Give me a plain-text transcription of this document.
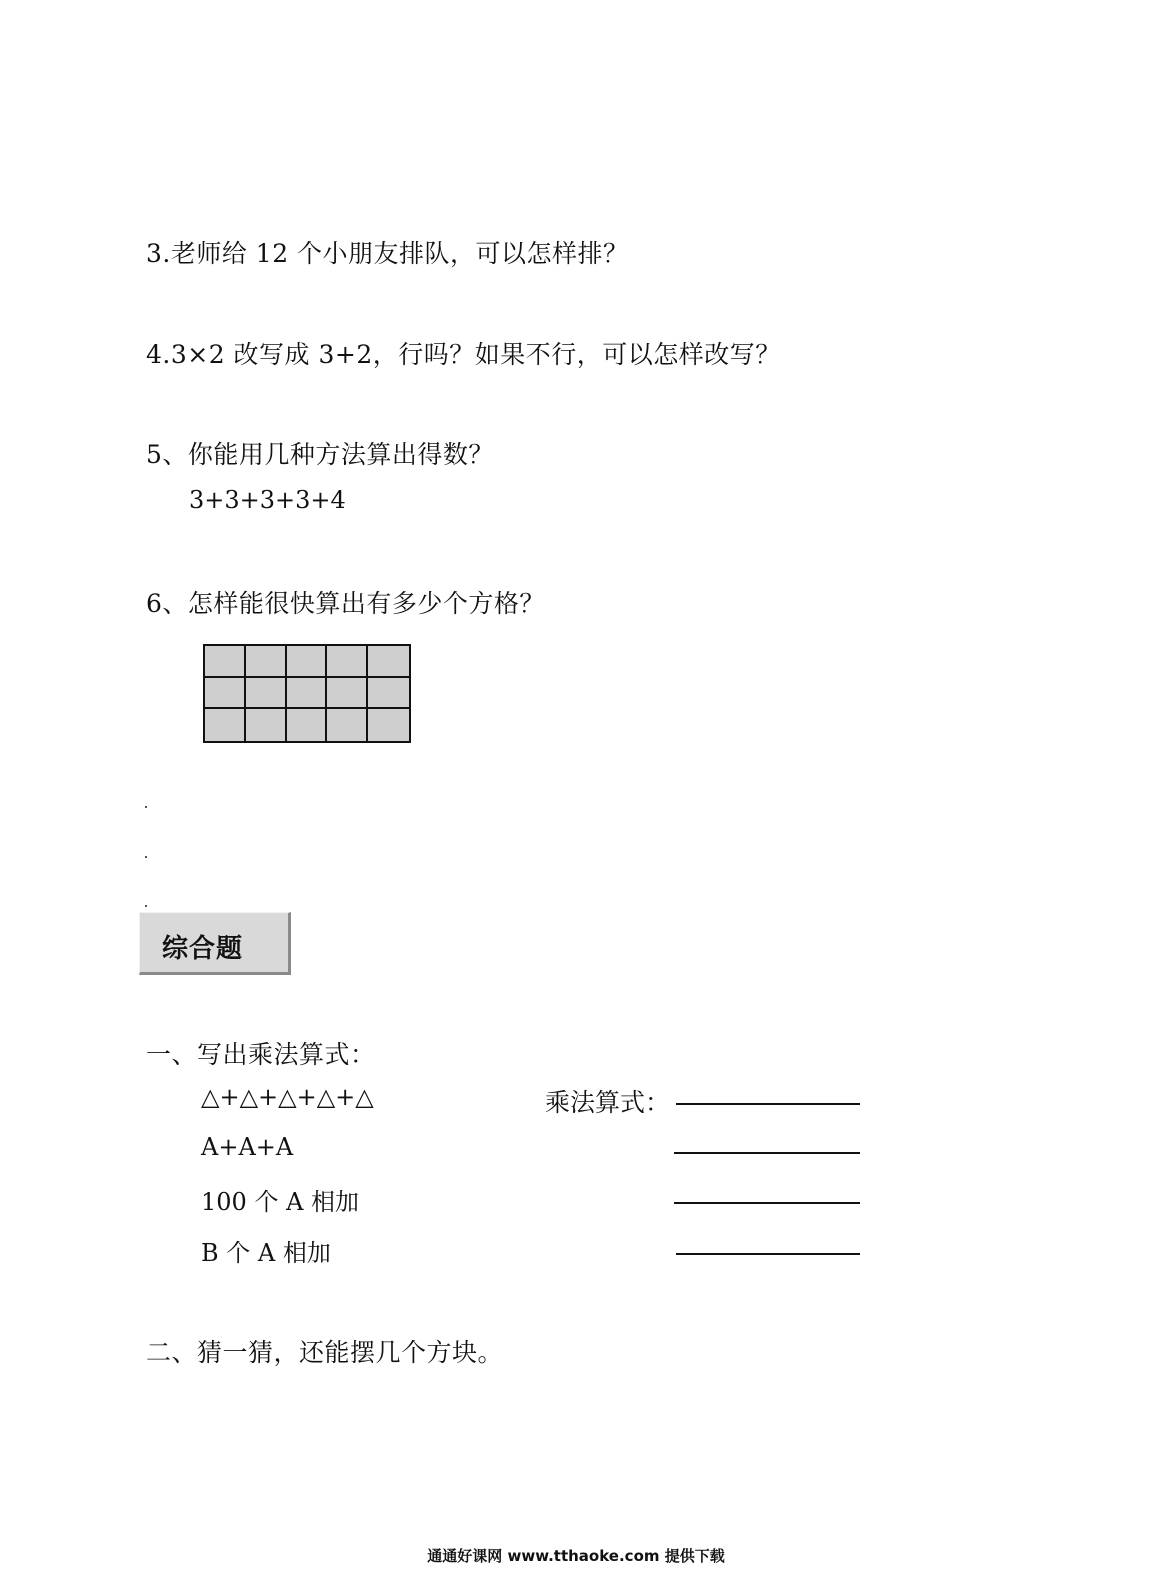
3.老师给 12 个小朋友排队，可以怎样排？
4.3×2 改写成 3+2，行吗？如果不行，可以怎样改写？
5、你能用几种方法算出得数？
3+3+3+3+4
6、怎样能很快算出有多少个方格？
综合题
一、写出乘法算式：
△+△+△+△+△	乘法算式：
A+A+A
100 个 A 相加
B 个 A 相加
二、猜一猜，还能摆几个方块。
通通好课网 www.tthaoke.com 提供下载
